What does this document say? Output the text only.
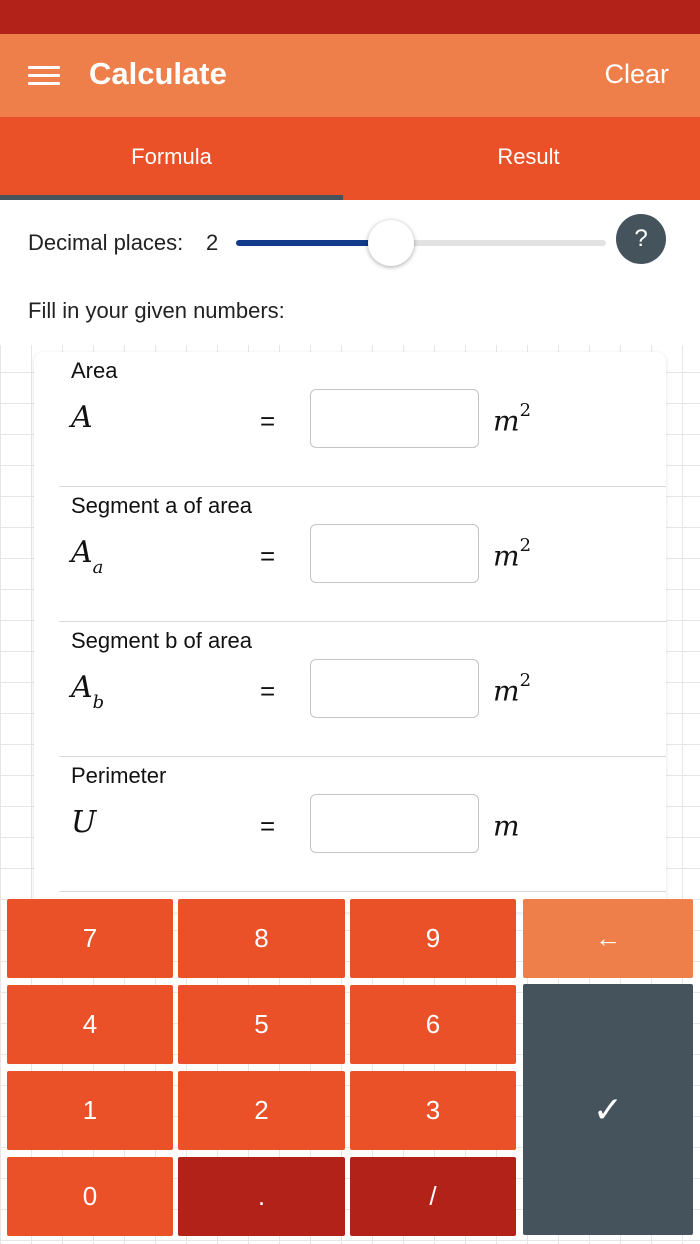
Calculate	Clear
Formula	Result
Decimal places: 2	?
Fill in your given numbers:
Area
A	=	$m^2$
Segment a of area
$A_a$	=	$m^2$
Segment b of area
$A_b$	=	$m^2$
Perimeter
U	=	m
7	8	9	←
4	5	6
✓
1	2	3
0	.	/
